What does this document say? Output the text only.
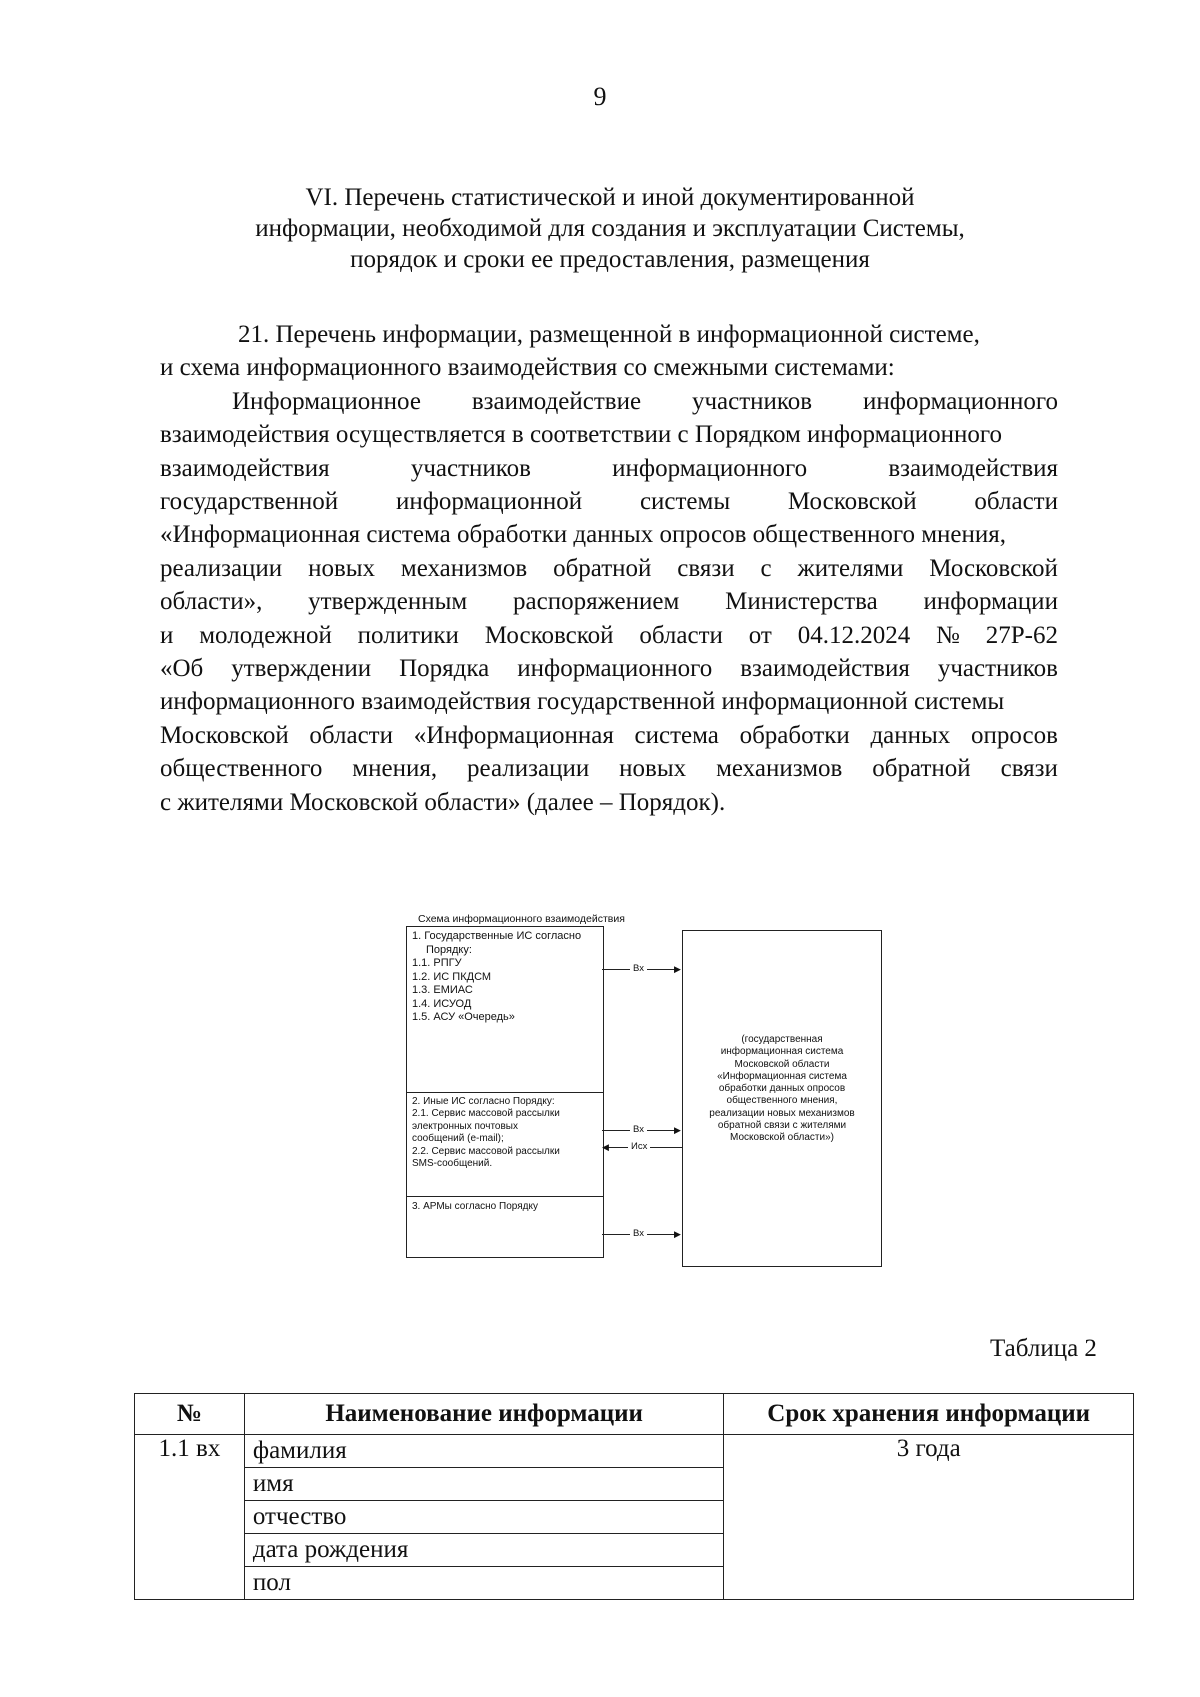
9
VI. Перечень статистической и иной документированной
информации, необходимой для создания и эксплуатации Системы,
порядок и сроки ее предоставления, размещения
21. Перечень информации, размещенной в информационной системе,
и схема информационного взаимодействия со смежными системами:
Информационное взаимодействие участников информационного
взаимодействия осуществляется в соответствии с Порядком информационного
взаимодействия	участников	информационного	взаимодействия
государственной информационной системы Московской области
«Информационная система обработки данных опросов общественного мнения,
реализации новых механизмов обратной связи с жителями Московской
области», утвержденным распоряжением Министерства информации
и молодежной политики Московской области от 04.12.2024 № 27Р-62
«Об утверждении Порядка информационного взаимодействия участников
информационного взаимодействия государственной информационной системы
Московской области «Информационная система обработки данных опросов
общественного мнения, реализации новых механизмов обратной связи
с жителями Московской области» (далее – Порядок).
Схема информационного взаимодействия
1. Государственные ИС согласно
Порядку:
1.1. РПГУ
1.2. ИС ПКДСМ
1.3. ЕМИАС
1.4. ИСУОД
1.5. АСУ «Очередь»
2. Иные ИС согласно Порядку:
2.1. Сервис массовой рассылки
электронных почтовых
сообщений (e-mail);
2.2. Сервис массовой рассылки
SMS-сообщений.
3. АРМы согласно Порядку
Вх	▶
Вх	▶
◀	Исх
Вх	▶
(государственная
информационная система
Московской области
«Информационная система
обработки данных опросов
общественного мнения,
реализации новых механизмов
обратной связи с жителями
Московской области»)
Таблица 2
№	Наименование информации	Срок хранения информации
1.1 вх	фамилия	3 года
	имя	
	отчество	
	дата рождения	
	пол	
